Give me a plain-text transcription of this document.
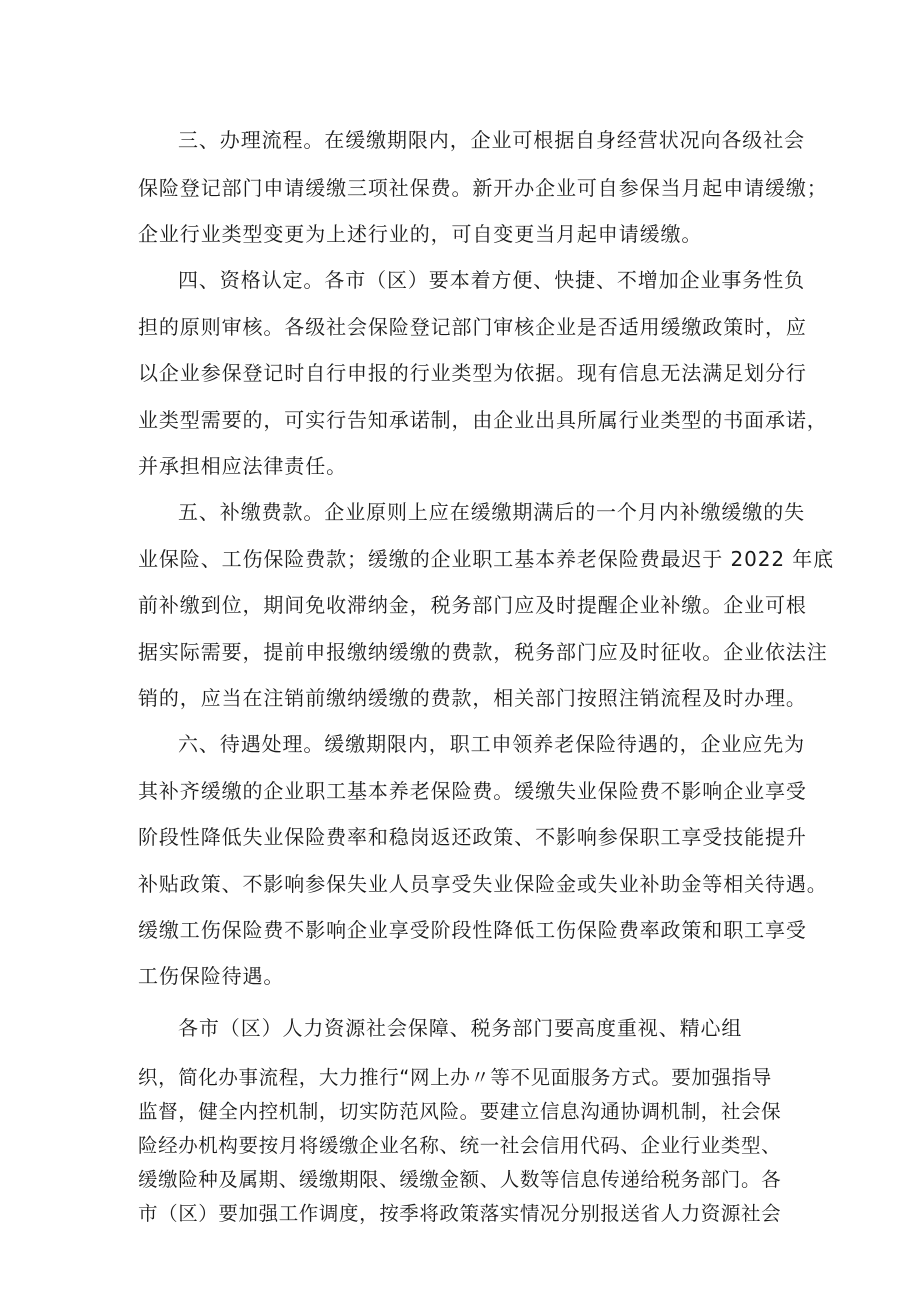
三、办理流程。在缓缴期限内，企业可根据自身经营状况向各级社会
保险登记部门申请缓缴三项社保费。新开办企业可自参保当月起申请缓缴；
企业行业类型变更为上述行业的，可自变更当月起申请缓缴。
四、资格认定。各市（区）要本着方便、快捷、不增加企业事务性负
担的原则审核。各级社会保险登记部门审核企业是否适用缓缴政策时，应
以企业参保登记时自行申报的行业类型为依据。现有信息无法满足划分行
业类型需要的，可实行告知承诺制，由企业出具所属行业类型的书面承诺，
并承担相应法律责任。
五、补缴费款。企业原则上应在缓缴期满后的一个月内补缴缓缴的失
业保险、工伤保险费款；缓缴的企业职工基本养老保险费最迟于 2022 年底
前补缴到位，期间免收滞纳金，税务部门应及时提醒企业补缴。企业可根
据实际需要，提前申报缴纳缓缴的费款，税务部门应及时征收。企业依法注
销的，应当在注销前缴纳缓缴的费款，相关部门按照注销流程及时办理。
六、待遇处理。缓缴期限内，职工申领养老保险待遇的，企业应先为
其补齐缓缴的企业职工基本养老保险费。缓缴失业保险费不影响企业享受
阶段性降低失业保险费率和稳岗返还政策、不影响参保职工享受技能提升
补贴政策、不影响参保失业人员享受失业保险金或失业补助金等相关待遇。
缓缴工伤保险费不影响企业享受阶段性降低工伤保险费率政策和职工享受
工伤保险待遇。
各市（区）人力资源社会保障、税务部门要高度重视、精心组
织，简化办事流程，大力推行“网上办〃等不见面服务方式。要加强指导
监督，健全内控机制，切实防范风险。要建立信息沟通协调机制，社会保
险经办机构要按月将缓缴企业名称、统一社会信用代码、企业行业类型、
缓缴险种及属期、缓缴期限、缓缴金额、人数等信息传递给税务部门。各
市（区）要加强工作调度，按季将政策落实情况分别报送省人力资源社会
